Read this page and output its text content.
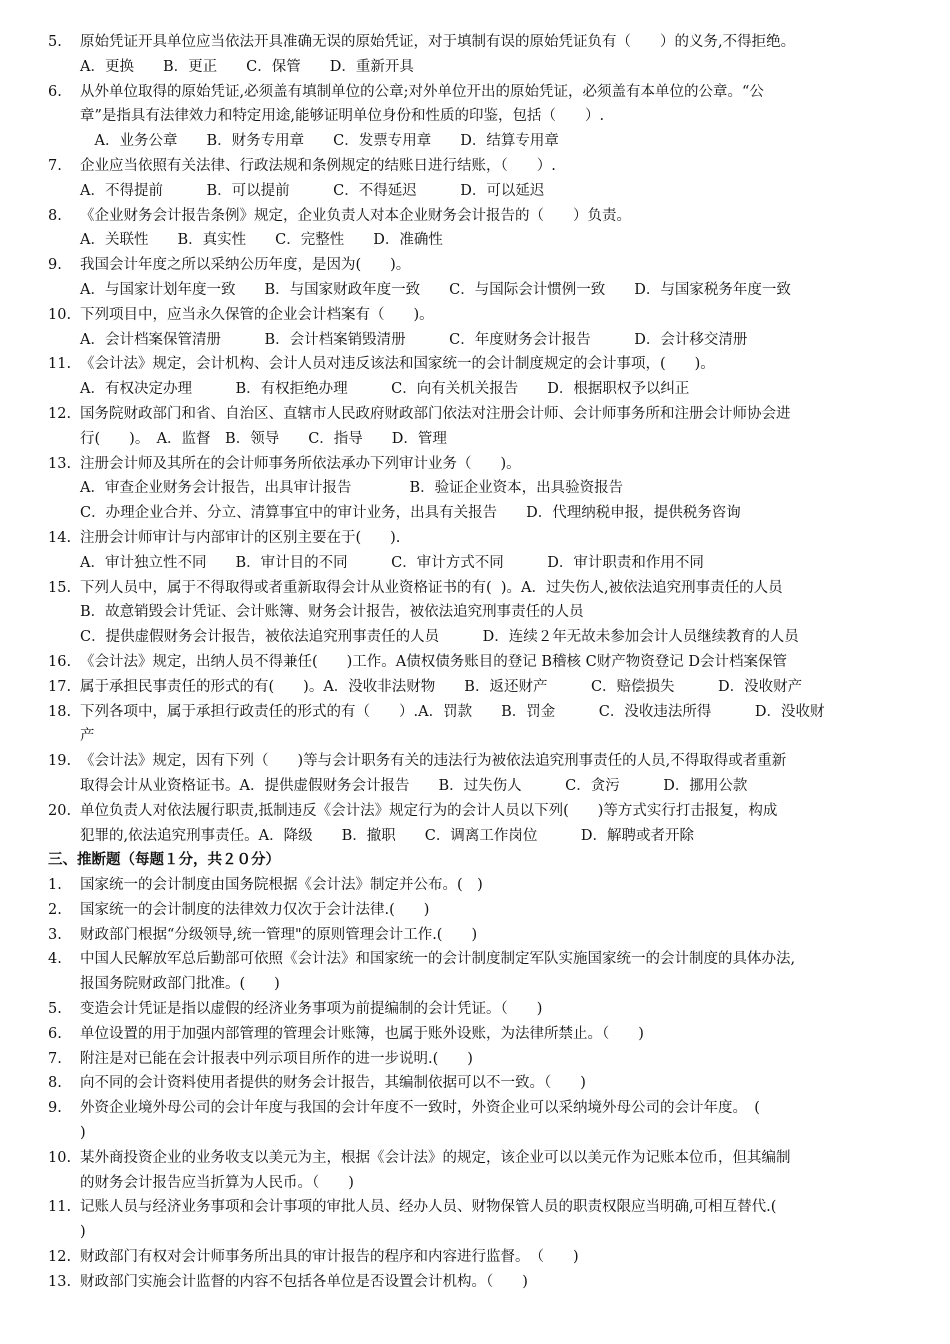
5.	原始凭证开具单位应当依法开具准确无误的原始凭证，对于填制有误的原始凭证负有（　　）的义务,不得拒绝。
A．更换　　B．更正　　C．保管　　D．重新开具
6.	从外单位取得的原始凭证,必须盖有填制单位的公章;对外单位开出的原始凭证，必须盖有本单位的公章。“公
章”是指具有法律效力和特定用途,能够证明单位身份和性质的印鉴，包括（　　）.
　A．业务公章　　B．财务专用章　　C．发票专用章　　D．结算专用章
7.	企业应当依照有关法律、行政法规和条例规定的结账日进行结账，（　　）.
A．不得提前　　　B．可以提前　　　C．不得延迟　　　D．可以延迟
8.	《企业财务会计报告条例》规定，企业负责人对本企业财务会计报告的（　　）负责。
A．关联性　　B．真实性　　C．完整性　　D．准确性
9.	我国会计年度之所以采纳公历年度，是因为(　　)。
A．与国家计划年度一致　　B．与国家财政年度一致　　C．与国际会计惯例一致　　D．与国家税务年度一致
10. 下列项目中，应当永久保管的企业会计档案有（　　)。
A．会计档案保管清册　　　B．会计档案销毁清册　　　C．年度财务会计报告　　　D．会计移交清册
11. 《会计法》规定，会计机构、会计人员对违反该法和国家统一的会计制度规定的会计事项，(　　)。
A．有权决定办理　　　B．有权拒绝办理　　　C．向有关机关报告　　D．根据职权予以纠正
12. 国务院财政部门和省、自治区、直辖市人民政府财政部门依法对注册会计师、会计师事务所和注册会计师协会进
行(　　)。　A．监督　B．领导　　C．指导　　D．管理
13. 注册会计师及其所在的会计师事务所依法承办下列审计业务（　　)。
A．审查企业财务会计报告，出具审计报告　　　　B．验证企业资本，出具验资报告
C．办理企业合并、分立、清算事宜中的审计业务，出具有关报告　　D．代理纳税申报，提供税务咨询
14. 注册会计师审计与内部审计的区别主要在于(　　).
A．审计独立性不同　　B．审计目的不同　　　C．审计方式不同　　　D．审计职责和作用不同
15. 下列人员中，属于不得取得或者重新取得会计从业资格证书的有(  )。A．过失伤人,被依法追究刑事责任的人员
B．故意销毁会计凭证、会计账簿、财务会计报告，被依法追究刑事责任的人员
C．提供虚假财务会计报告，被依法追究刑事责任的人员　　　D．连续２年无故未参加会计人员继续教育的人员
16. 《会计法》规定，出纳人员不得兼任(　　)工作。A债权债务账目的登记 B稽核 C财产物资登记 D会计档案保管
17. 属于承担民事责任的形式的有(　　)。A．没收非法财物　　B．返还财产　　　C．赔偿损失　　　D．没收财产
18. 下列各项中，属于承担行政责任的形式的有（　　）.A．罚款　　B．罚金　　　C．没收违法所得　　　D．没收财
产
19. 《会计法》规定，因有下列（　　)等与会计职务有关的违法行为被依法追究刑事责任的人员,不得取得或者重新
取得会计从业资格证书。A．提供虚假财务会计报告　　B．过失伤人　　　C．贪污　　　D．挪用公款
20. 单位负责人对依法履行职责,抵制违反《会计法》规定行为的会计人员以下列(　　)等方式实行打击报复，构成
犯罪的,依法追究刑事责任。A．降级　　B．撤职　　C．调离工作岗位　　　D．解聘或者开除
三、推断题（每题１分，共２０分）
1.	国家统一的会计制度由国务院根据《会计法》制定并公布。(　)
2.	国家统一的会计制度的法律效力仅次于会计法律.(　　)
3.	财政部门根据“分级领导,统一管理"的原则管理会计工作.(　　)
4.	中国人民解放军总后勤部可依照《会计法》和国家统一的会计制度制定军队实施国家统一的会计制度的具体办法,
报国务院财政部门批准。(　　)
5.	变造会计凭证是指以虚假的经济业务事项为前提编制的会计凭证。（　　)
6.	单位设置的用于加强内部管理的管理会计账簿，也属于账外设账，为法律所禁止。（　　)
7.	附注是对已能在会计报表中列示项目所作的进一步说明.(　　)
8.	向不同的会计资料使用者提供的财务会计报告，其编制依据可以不一致。（　　)
9.	外资企业境外母公司的会计年度与我国的会计年度不一致时，外资企业可以采纳境外母公司的会计年度。　(
)
10. 某外商投资企业的业务收支以美元为主，根据《会计法》的规定，该企业可以以美元作为记账本位币，但其编制
的财务会计报告应当折算为人民币。（　　)
11. 记账人员与经济业务事项和会计事项的审批人员、经办人员、财物保管人员的职责权限应当明确,可相互替代.(
)
12. 财政部门有权对会计师事务所出具的审计报告的程序和内容进行监督。　（　　)
13. 财政部门实施会计监督的内容不包括各单位是否设置会计机构。（　　)
